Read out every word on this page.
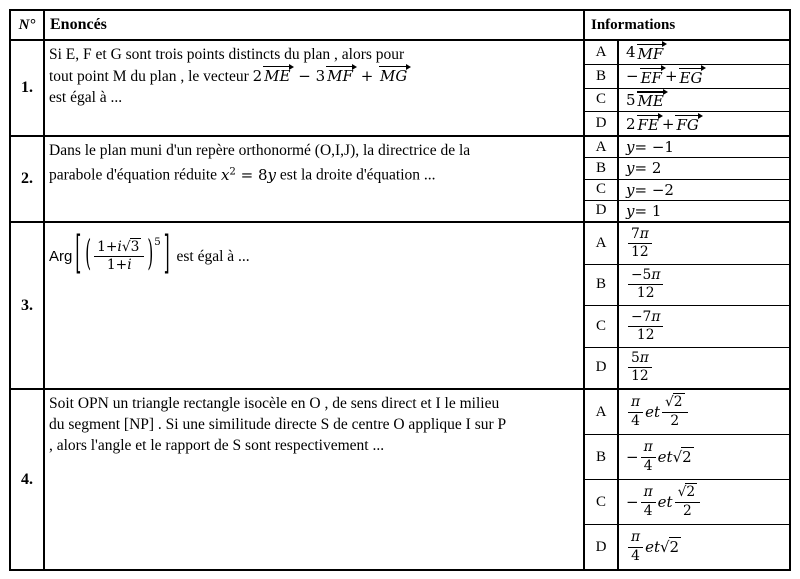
N° Enoncés	Informations
1.
Si E, F et G sont trois points distincts du plan , alors pour
tout point M du plan , le vecteur 2 ME − 3 MF + MG
est égal à ...
A	4 MF
B	− EF + EG
C	5 ME
D	2 FE + FG
2.
Dans le plan muni d'un repère orthonormé (O,I,J), la directrice de la
parabole d'équation réduite $x^2 = 8y$ est la droite d'équation ...
A	y = −1
B	y = 2
C	y = −2
D	y = 1
3.
Arg [ ( $\frac{1+i√3}{1+i} )^5$ ] est égal à ...
A	$\frac{7\pi}{12}$
B	$\frac{-5\pi}{12}$
C	$\frac{-7\pi}{12}$
D	$\frac{5\pi}{12}$
4.
Soit OPN un triangle rectangle isocèle en O , de sens direct et I le milieu
du segment [NP] . Si une similitude directe S de centre O applique I sur P
, alors l'angle et le rapport de S sont respectivement ...
A	$\frac{\pi}{4}$ et $\frac{√2}{2}$
B	− $\frac{\pi}{4}$ et √2
C	− $\frac{\pi}{4}$ et $\frac{√2}{2}$
D	$\frac{\pi}{4}$ et √2
